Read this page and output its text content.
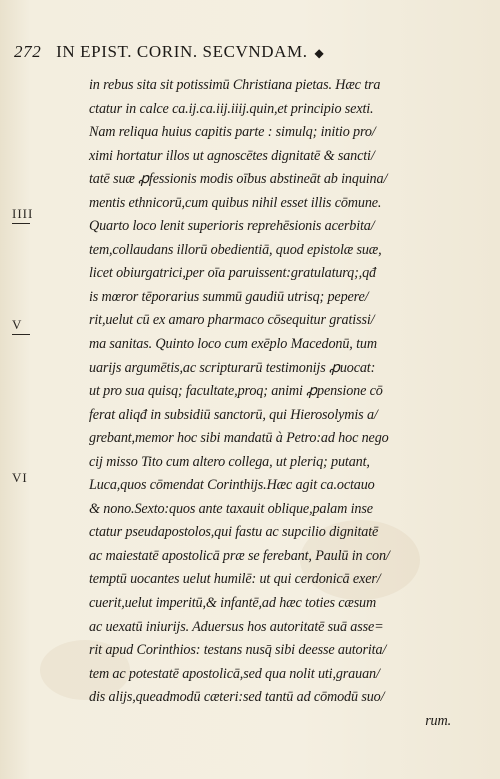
272 IN EPIST. CORIN. SECVNDAM. ◆
IIII
V
VI
in rebus sita sit potissimū Christiana pietas. Hæc tra
ctatur in calce ca.ij.ca.iij.iiij.quin,et principio sexti.
Nam reliqua huius capitis parte : simulq; initio pro/
ximi hortatur illos ut agnoscētes dignitatē & sancti/
tatē suæ ꝓfessionis modis oībus abstineāt ab inquina/
mentis ethnicorū,cum quibus nihil esset illis cōmune.
Quarto loco lenit superioris reprehēsionis acerbita/
tem,collaudans illorū obedientiā, quod epistolæ suæ,
licet obiurgatrici,per oīa paruissent:gratulaturq;,qđ
is mœror tēporarius summū gaudiū utrisq; pepere/
rit,uelut cū ex amaro pharmaco cōsequitur gratissi/
ma sanitas. Quinto loco cum exēplo Macedonū, tum
uarijs argumētis,ac scripturarū testimonijs ꝓuocat:
ut pro sua quisq; facultate,proq; animi ꝓpensione cō
ferat aliqđ in subsidiū sanctorū, qui Hierosolymis a/
grebant,memor hoc sibi mandatū à Petro:ad hoc nego
cij misso Tito cum altero collega, ut pleriq; putant,
Luca,quos cōmendat Corinthijs.Hæc agit ca.octauo
& nono.Sexto:quos ante taxauit oblique,palam inse
ctatur pseudapostolos,qui fastu ac supcilio dignitatē
ac maiestatē apostolicā præ se ferebant, Paulū in con/
temptū uocantes uelut humilē: ut qui cerdonicā exer/
cuerit,uelut imperitū,& infantē,ad hæc toties cæsum
ac uexatū iniurijs. Aduersus hos autoritatē suā asse=
rit apud Corinthios: testans nusq̄ sibi deesse autorita/
tem ac potestatē apostolicā,sed qua nolit uti,grauan/
dis alijs,queadmodū cæteri:sed tantū ad cōmodū suo/
rum.
